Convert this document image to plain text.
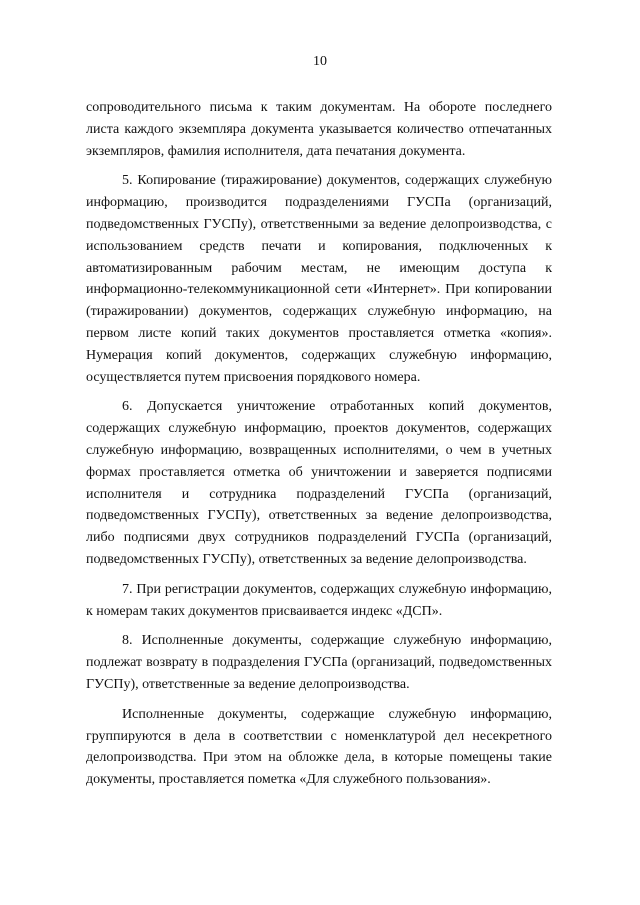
10

сопроводительного письма к таким документам. На обороте последнего листа каждого экземпляра документа указывается количество отпечатанных экземпляров, фамилия исполнителя, дата печатания документа.

5. Копирование (тиражирование) документов, содержащих служебную информацию, производится подразделениями ГУСПа (организаций, подведомственных ГУСПу), ответственными за ведение делопроизводства, с использованием средств печати и копирования, подключенных к автоматизированным рабочим местам, не имеющим доступа к информационно-телекоммуникационной сети «Интернет». При копировании (тиражировании) документов, содержащих служебную информацию, на первом листе копий таких документов проставляется отметка «копия». Нумерация копий документов, содержащих служебную информацию, осуществляется путем присвоения порядкового номера.

6. Допускается уничтожение отработанных копий документов, содержащих служебную информацию, проектов документов, содержащих служебную информацию, возвращенных исполнителями, о чем в учетных формах проставляется отметка об уничтожении и заверяется подписями исполнителя и сотрудника подразделений ГУСПа (организаций, подведомственных ГУСПу), ответственных за ведение делопроизводства, либо подписями двух сотрудников подразделений ГУСПа (организаций, подведомственных ГУСПу), ответственных за ведение делопроизводства.

7. При регистрации документов, содержащих служебную информацию, к номерам таких документов присваивается индекс «ДСП».

8. Исполненные документы, содержащие служебную информацию, подлежат возврату в подразделения ГУСПа (организаций, подведомственных ГУСПу), ответственные за ведение делопроизводства.

Исполненные документы, содержащие служебную информацию, группируются в дела в соответствии с номенклатурой дел несекретного делопроизводства. При этом на обложке дела, в которые помещены такие документы, проставляется пометка «Для служебного пользования».
